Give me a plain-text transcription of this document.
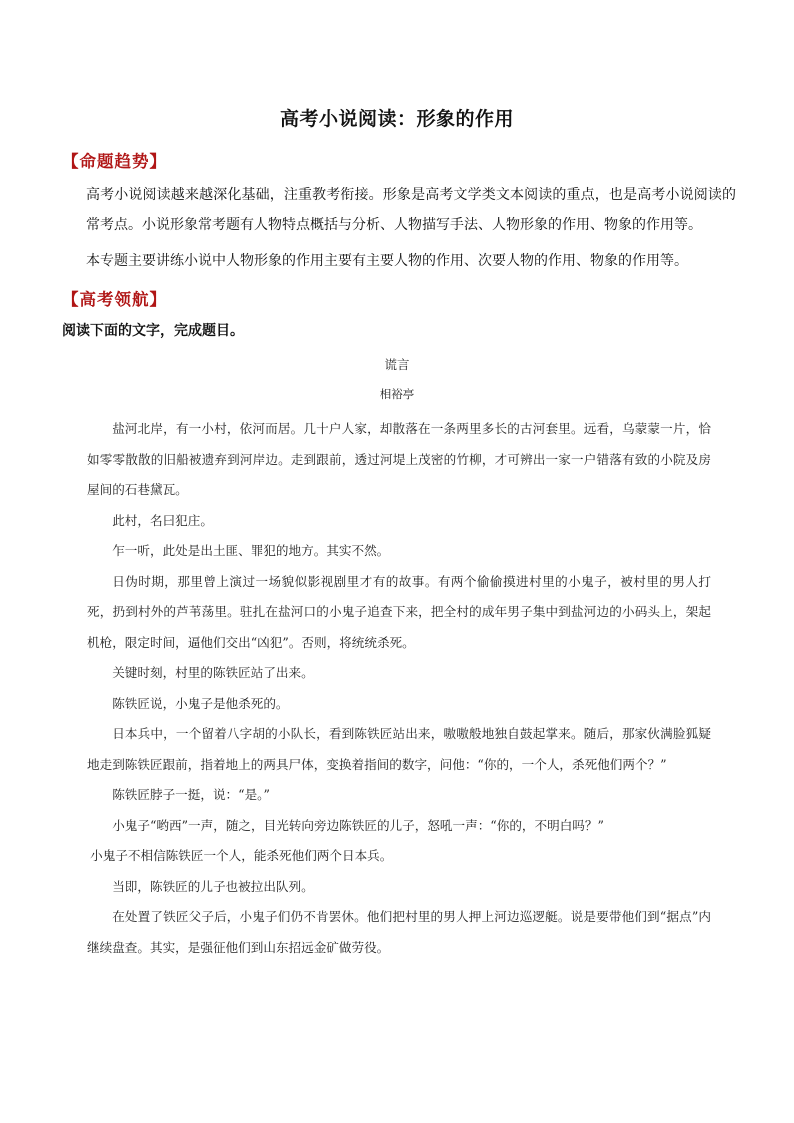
高考小说阅读：形象的作用
【命题趋势】
高考小说阅读越来越深化基础，注重教考衔接。形象是高考文学类文本阅读的重点，也是高考小说阅读的常考点。小说形象常考题有人物特点概括与分析、人物描写手法、人物形象的作用、物象的作用等。
本专题主要讲练小说中人物形象的作用主要有主要人物的作用、次要人物的作用、物象的作用等。
【高考领航】
阅读下面的文字，完成题目。
谎言
相裕亭

盐河北岸，有一小村，依河而居。几十户人家，却散落在一条两里多长的古河套里。远看，乌蒙蒙一片，恰如零零散散的旧船被遗弃到河岸边。走到跟前，透过河堤上茂密的竹柳，才可辨出一家一户错落有致的小院及房屋间的石巷黛瓦。

此村，名曰犯庄。

乍一听，此处是出土匪、罪犯的地方。其实不然。

日伪时期，那里曾上演过一场貌似影视剧里才有的故事。有两个偷偷摸进村里的小鬼子，被村里的男人打死，扔到村外的芦苇荡里。驻扎在盐河口的小鬼子追查下来，把全村的成年男子集中到盐河边的小码头上，架起机枪，限定时间，逼他们交出“凶犯”。否则，将统统杀死。

关键时刻，村里的陈铁匠站了出来。

陈铁匠说，小鬼子是他杀死的。

日本兵中，一个留着八字胡的小队长，看到陈铁匠站出来，嗷嗷般地独自鼓起掌来。随后，那家伙满脸狐疑地走到陈铁匠跟前，指着地上的两具尸体，变换着指间的数字，问他：“你的，一个人，杀死他们两个？”

陈铁匠脖子一挺，说：“是。”

小鬼子“哟西”一声，随之，目光转向旁边陈铁匠的儿子，怒吼一声：“你的，不明白吗？”

小鬼子不相信陈铁匠一个人，能杀死他们两个日本兵。

当即，陈铁匠的儿子也被拉出队列。

在处置了铁匠父子后，小鬼子们仍不肯罢休。他们把村里的男人押上河边巡逻艇。说是要带他们到“据点”内继续盘查。其实，是强征他们到山东招远金矿做劳役。
